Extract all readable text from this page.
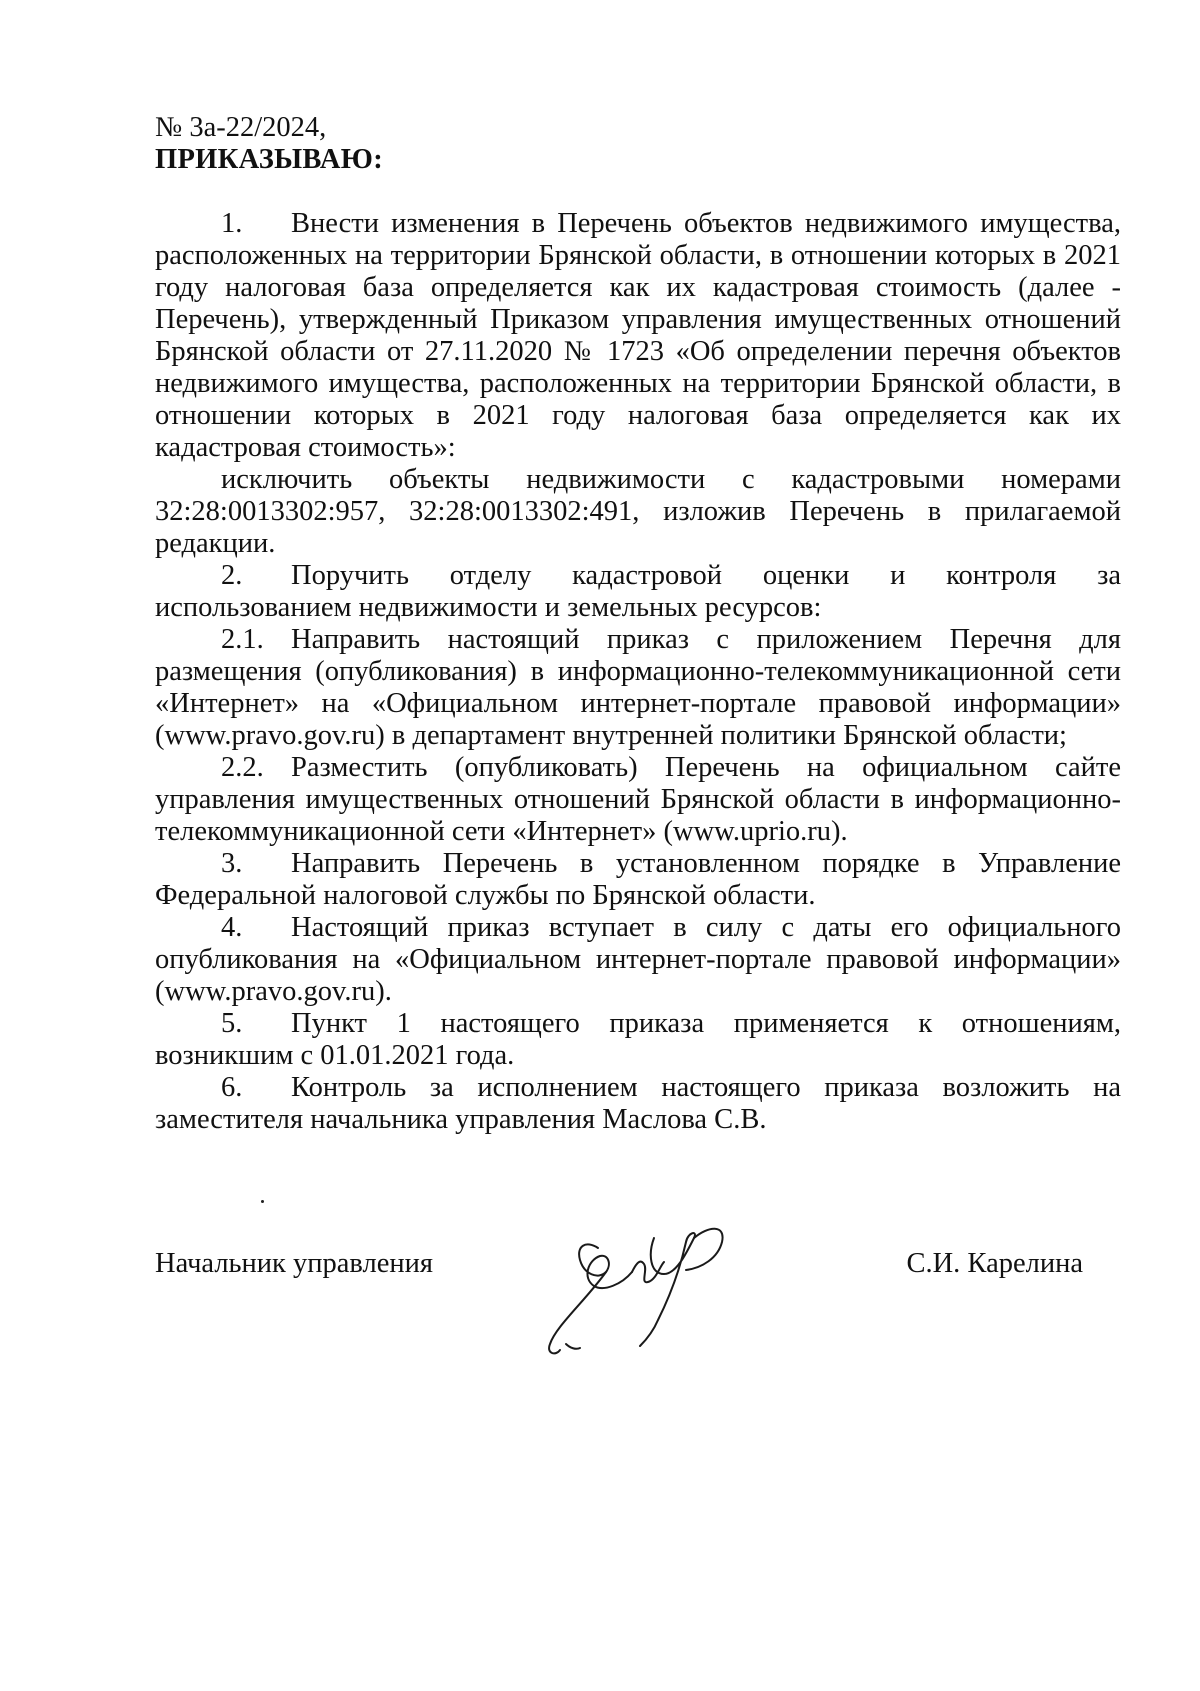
№ 3а-22/2024,

ПРИКАЗЫВАЮ:

1. Внести изменения в Перечень объектов недвижимого имущества, расположенных на территории Брянской области, в отношении которых в 2021 году налоговая база определяется как их кадастровая стоимость (далее - Перечень), утвержденный Приказом управления имущественных отношений Брянской области от 27.11.2020 № 1723 «Об определении перечня объектов недвижимого имущества, расположенных на территории Брянской области, в отношении которых в 2021 году налоговая база определяется как их кадастровая стоимость»:

исключить объекты недвижимости с кадастровыми номерами 32:28:0013302:957, 32:28:0013302:491, изложив Перечень в прилагаемой редакции.

2. Поручить отделу кадастровой оценки и контроля за использованием недвижимости и земельных ресурсов:

2.1. Направить настоящий приказ с приложением Перечня для размещения (опубликования) в информационно-телекоммуникационной сети «Интернет» на «Официальном интернет-портале правовой информации» (www.pravo.gov.ru) в департамент внутренней политики Брянской области;

2.2. Разместить (опубликовать) Перечень на официальном сайте управления имущественных отношений Брянской области в информационно-телекоммуникационной сети «Интернет» (www.uprio.ru).

3. Направить Перечень в установленном порядке в Управление Федеральной налоговой службы по Брянской области.

4. Настоящий приказ вступает в силу с даты его официального опубликования на «Официальном интернет-портале правовой информации» (www.pravo.gov.ru).

5. Пункт 1 настоящего приказа применяется к отношениям, возникшим с 01.01.2021 года.

6. Контроль за исполнением настоящего приказа возложить на заместителя начальника управления Маслова С.В.

Начальник управления	С.И. Карелина
